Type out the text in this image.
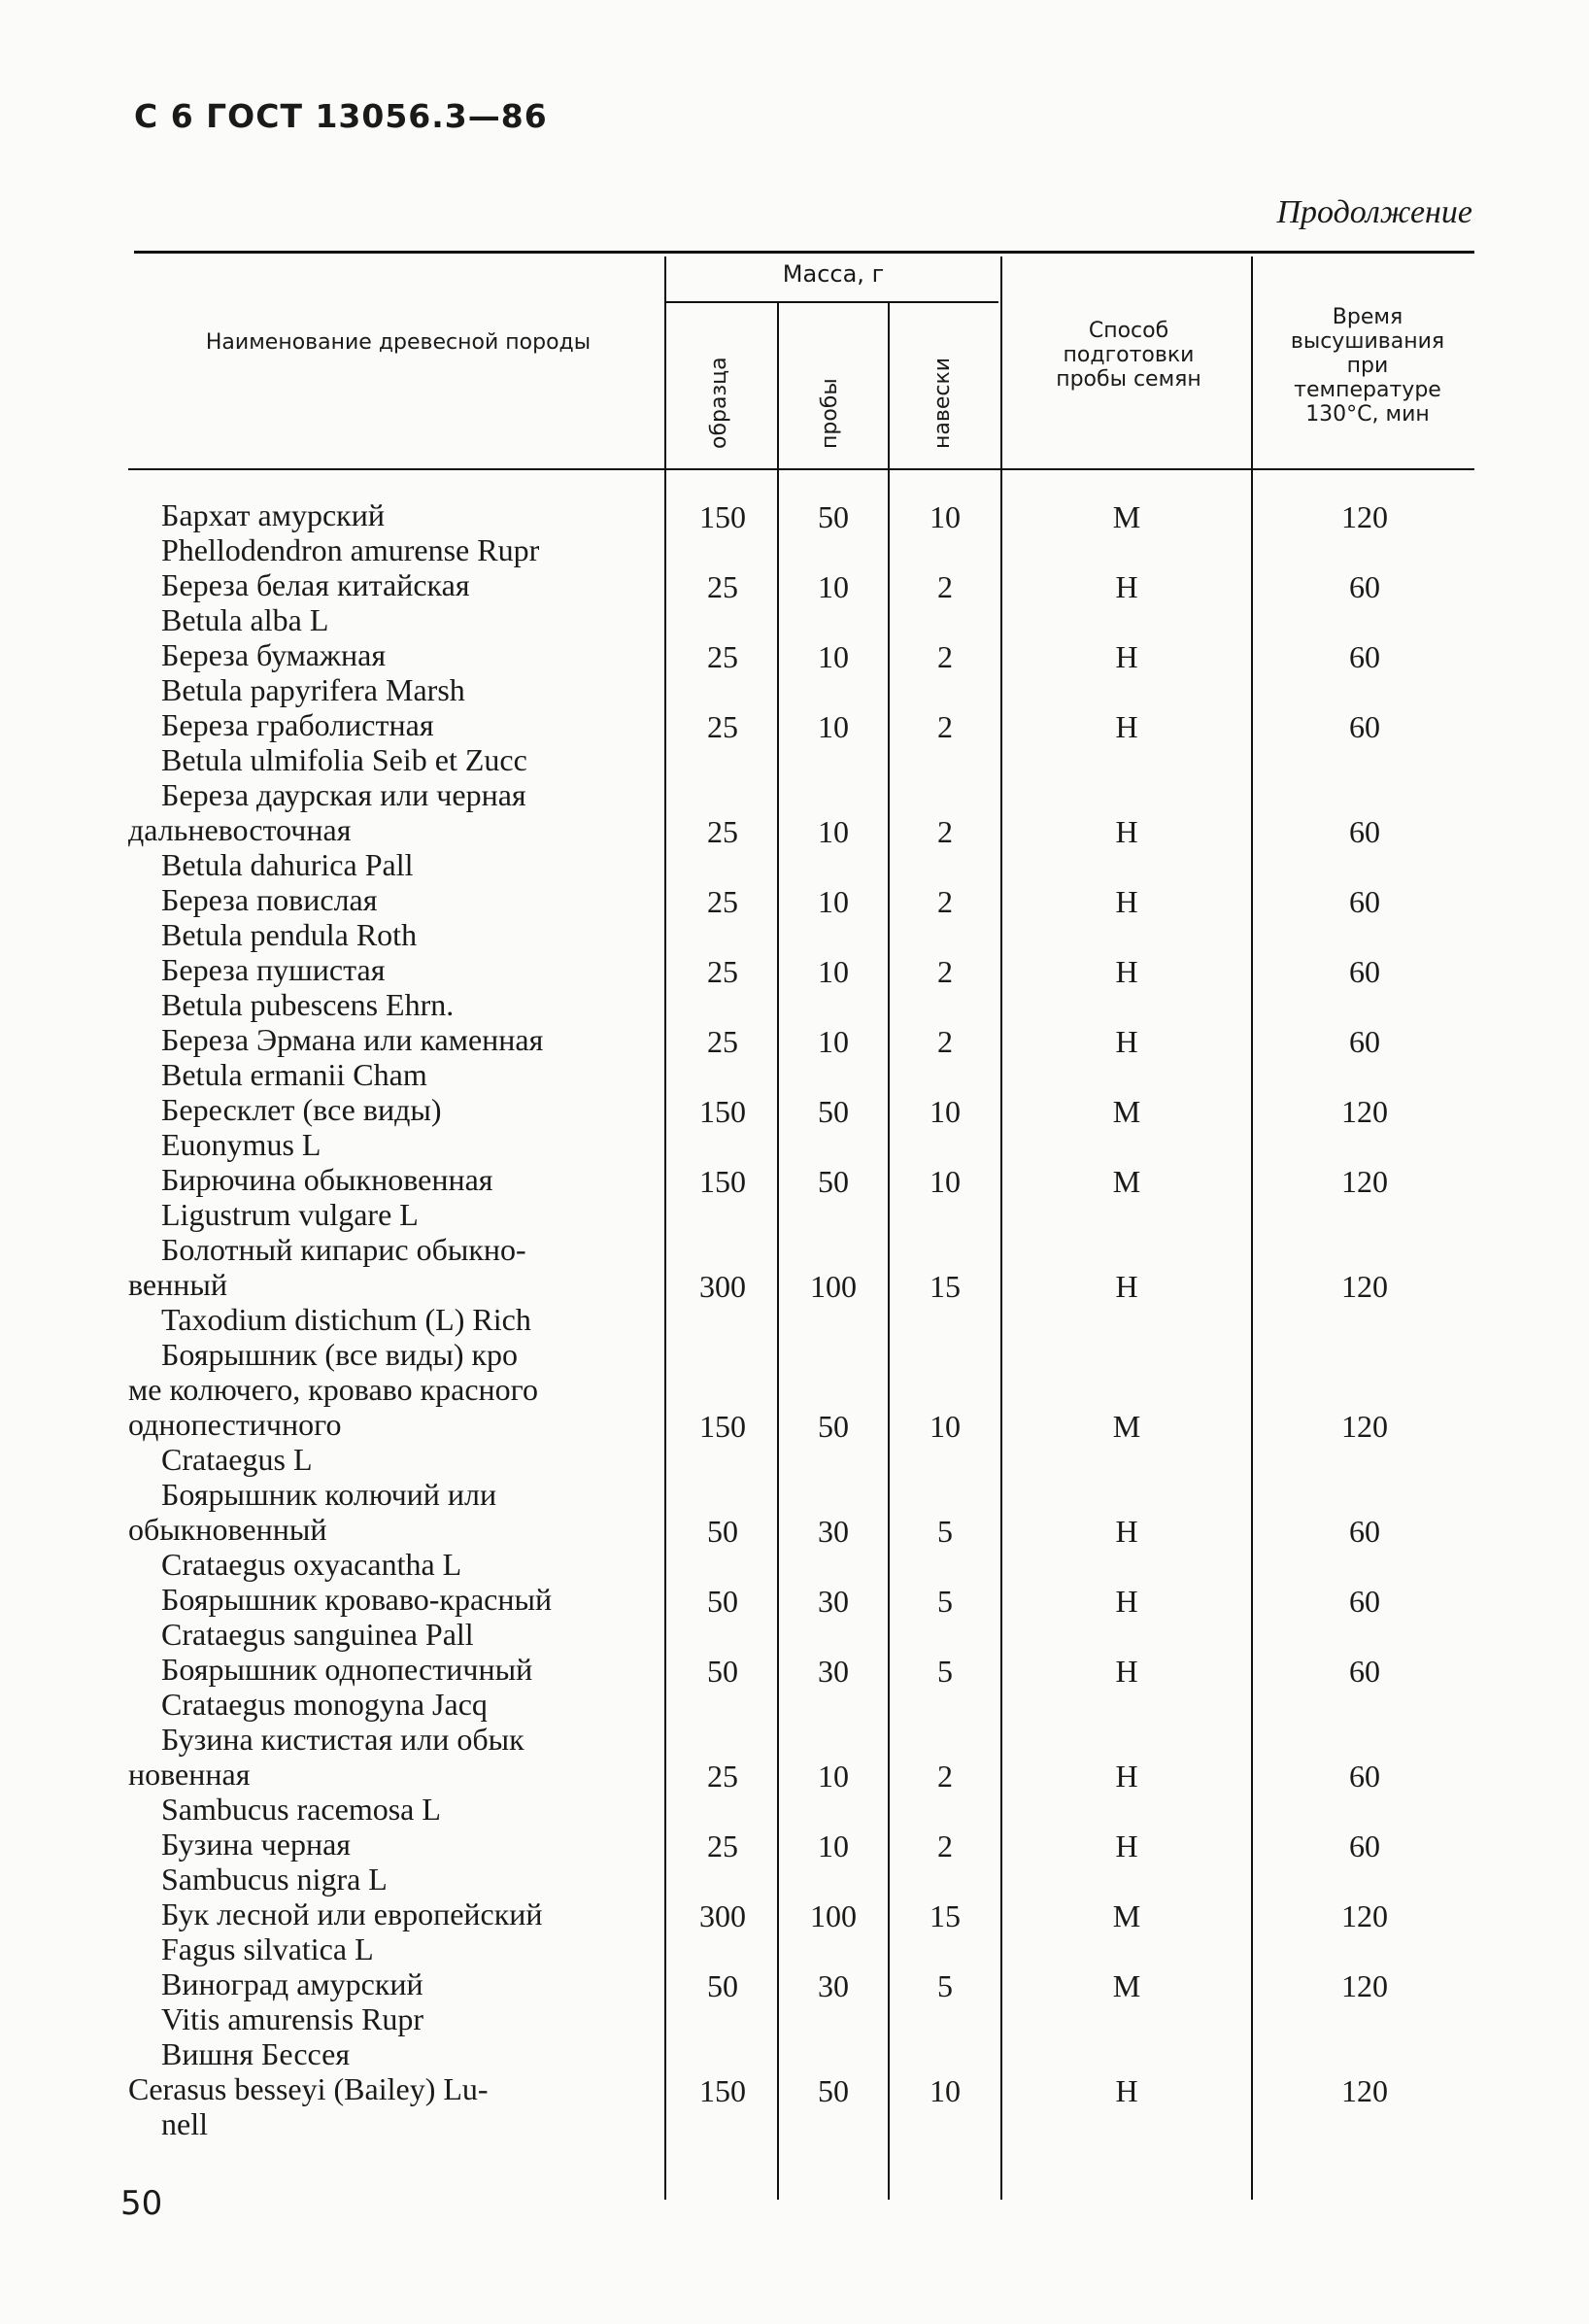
С 6 ГОСТ 13056.3—86
Продолжение
Наименование древесной породы
Масса, г
образца	пробы	навески
Способ подготовки пробы семян
Время высушивания при температуре 130°С, мин
Бархат амурский
Phellodendron amurense Rupr
150	50	10	М	120
Береза белая китайская
Betula alba L
25	10	2	Н	60
Береза бумажная
Betula papyrifera Marsh
25	10	2	Н	60
Береза граболистная
Betula ulmifolia Seib et Zucc
25	10	2	Н	60
Береза даурская или черная
дальневосточная
Betula dahurica Pall
25	10	2	Н	60
Береза повислая
Betula pendula Roth
25	10	2	Н	60
Береза пушистая
Betula pubescens Ehrn.
25	10	2	Н	60
Береза Эрмана или каменная
Betula ermanii Cham
25	10	2	Н	60
Бересклет (все виды)
Euonymus L
150	50	10	М	120
Бирючина обыкновенная
Ligustrum vulgare L
150	50	10	М	120
Болотный кипарис обыкно-
венный
Taxodium distichum (L) Rich
300	100	15	Н	120
Боярышник (все виды) кро
ме колючего, кроваво красного
однопестичного
Crataegus L
150	50	10	М	120
Боярышник колючий или
обыкновенный
Crataegus oxyacantha L
50	30	5	Н	60
Боярышник кроваво-красный
Crataegus sanguinea Pall
50	30	5	Н	60
Боярышник однопестичный
Crataegus monogyna Jacq
50	30	5	Н	60
Бузина кистистая или обык
новенная
Sambucus racemosa L
25	10	2	Н	60
Бузина черная
Sambucus nigra L
25	10	2	Н	60
Бук лесной или европейский
Fagus silvatica L
300	100	15	М	120
Виноград амурский
Vitis amurensis Rupr
50	30	5	М	120
Вишня Бессея
Cerasus besseyi (Bailey) Lu-
nell
150	50	10	Н	120
50
